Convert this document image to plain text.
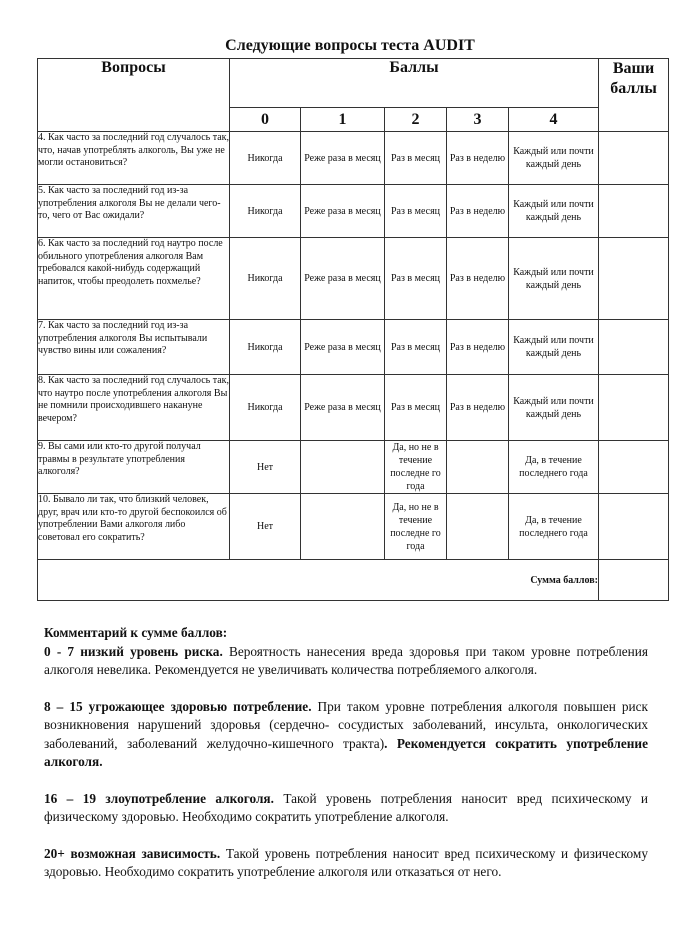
Следующие вопросы теста AUDIT
Вопросы	Баллы					Ваши баллы
	0	1	2	3	4	
4. Как часто за последний год случалось так, что, начав употреблять алкоголь, Вы уже не могли остановиться?	Никогда	Реже раза в месяц	Раз в месяц	Раз в неделю	Каждый или почти каждый день	
5. Как часто за последний год из-за употребления алкоголя Вы не делали чего-то, чего от Вас ожидали?	Никогда	Реже раза в месяц	Раз в месяц	Раз в неделю	Каждый или почти каждый день	
6. Как часто за последний год наутро после обильного употребления алкоголя Вам требовался какой-нибудь содержащий напиток, чтобы преодолеть похмелье?	Никогда	Реже раза в месяц	Раз в месяц	Раз в неделю	Каждый или почти каждый день	
7. Как часто за последний год из-за употребления алкоголя Вы испытывали чувство вины или сожаления?	Никогда	Реже раза в месяц	Раз в месяц	Раз в неделю	Каждый или почти каждый день	
8. Как часто за последний год случалось так, что наутро после употребления алкоголя Вы не помнили происходившего накануне вечером?	Никогда	Реже раза в месяц	Раз в месяц	Раз в неделю	Каждый или почти каждый день	
9. Вы сами или кто-то другой получал травмы в результате употребления алкоголя?	Нет		Да, но не в течение последне го года		Да, в течение последнего года	
10. Бывало ли так, что близкий человек, друг, врач или кто-то другой беспокоился об употреблении Вами алкоголя либо советовал его сократить?	Нет		Да, но не в течение последне го года		Да, в течение последнего года	
Сумма баллов:						

Комментарий к сумме баллов:

0 - 7 низкий уровень риска. Вероятность нанесения вреда здоровья при таком уровне потребления алкоголя невелика. Рекомендуется не увеличивать количества потребляемого алкоголя.

8 – 15 угрожающее здоровью потребление. При таком уровне потребления алкоголя повышен риск возникновения нарушений здоровья (сердечно- сосудистых заболеваний, инсульта, онкологических заболеваний, заболеваний желудочно-кишечного тракта). Рекомендуется сократить употребление алкоголя.

16 – 19 злоупотребление алкоголя. Такой уровень потребления наносит вред психическому и физическому здоровью. Необходимо сократить употребление алкоголя.

20+ возможная зависимость. Такой уровень потребления наносит вред психическому и физическому здоровью. Необходимо сократить употребление алкоголя или отказаться от него.
